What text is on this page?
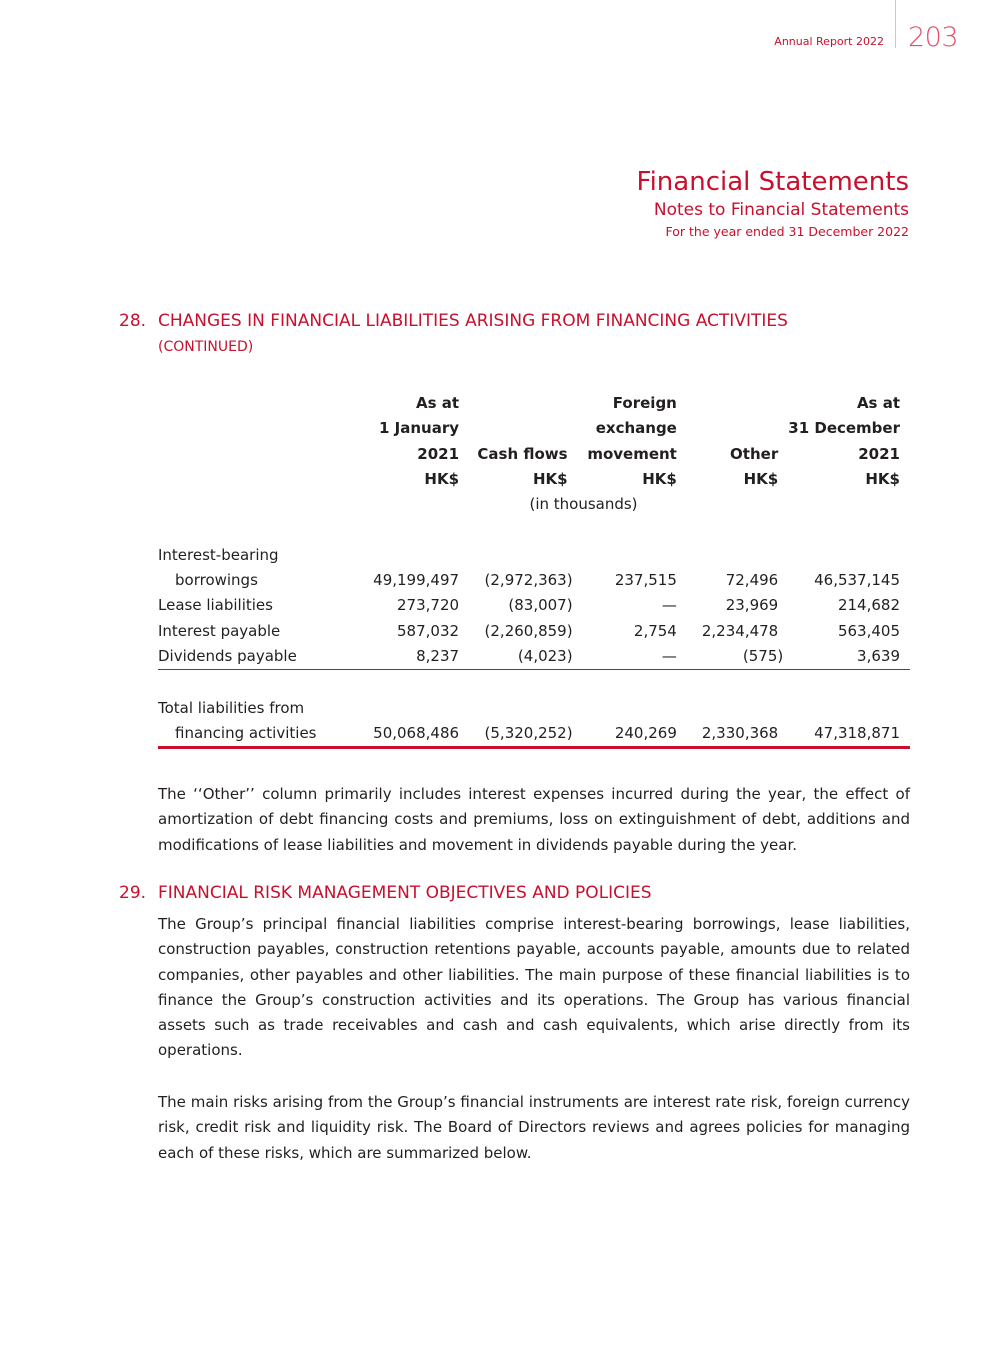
Annual Report 2022 203
Financial Statements
Notes to Financial Statements
For the year ended 31 December 2022
28. CHANGES IN FINANCIAL LIABILITIES ARISING FROM FINANCING ACTIVITIES
(CONTINUED)
	As at		Foreign		As at
	1 January		exchange		31 December
	2021	Cash flows	movement	Other	2021
	HK$	HK$	HK$	HK$	HK$
	(in thousands)				

Interest-bearing					
borrowings	49,199,497	(2,972,363)	237,515	72,496	46,537,145
Lease liabilities	273,720	(83,007)	—	23,969	214,682
Interest payable	587,032	(2,260,859)	2,754	2,234,478	563,405
Dividends payable	8,237	(4,023)	—	(575)	3,639

Total liabilities from					
financing activities	50,068,486	(5,320,252)	240,269	2,330,368	47,318,871

The ‘‘Other’’ column primarily includes interest expenses incurred during the year, the effect of amortization of debt financing costs and premiums, loss on extinguishment of debt, additions and modifications of lease liabilities and movement in dividends payable during the year.

29. FINANCIAL RISK MANAGEMENT OBJECTIVES AND POLICIES

The Group’s principal financial liabilities comprise interest-bearing borrowings, lease liabilities, construction payables, construction retentions payable, accounts payable, amounts due to related companies, other payables and other liabilities. The main purpose of these financial liabilities is to finance the Group’s construction activities and its operations. The Group has various financial assets such as trade receivables and cash and cash equivalents, which arise directly from its operations.

The main risks arising from the Group’s financial instruments are interest rate risk, foreign currency risk, credit risk and liquidity risk. The Board of Directors reviews and agrees policies for managing each of these risks, which are summarized below.
